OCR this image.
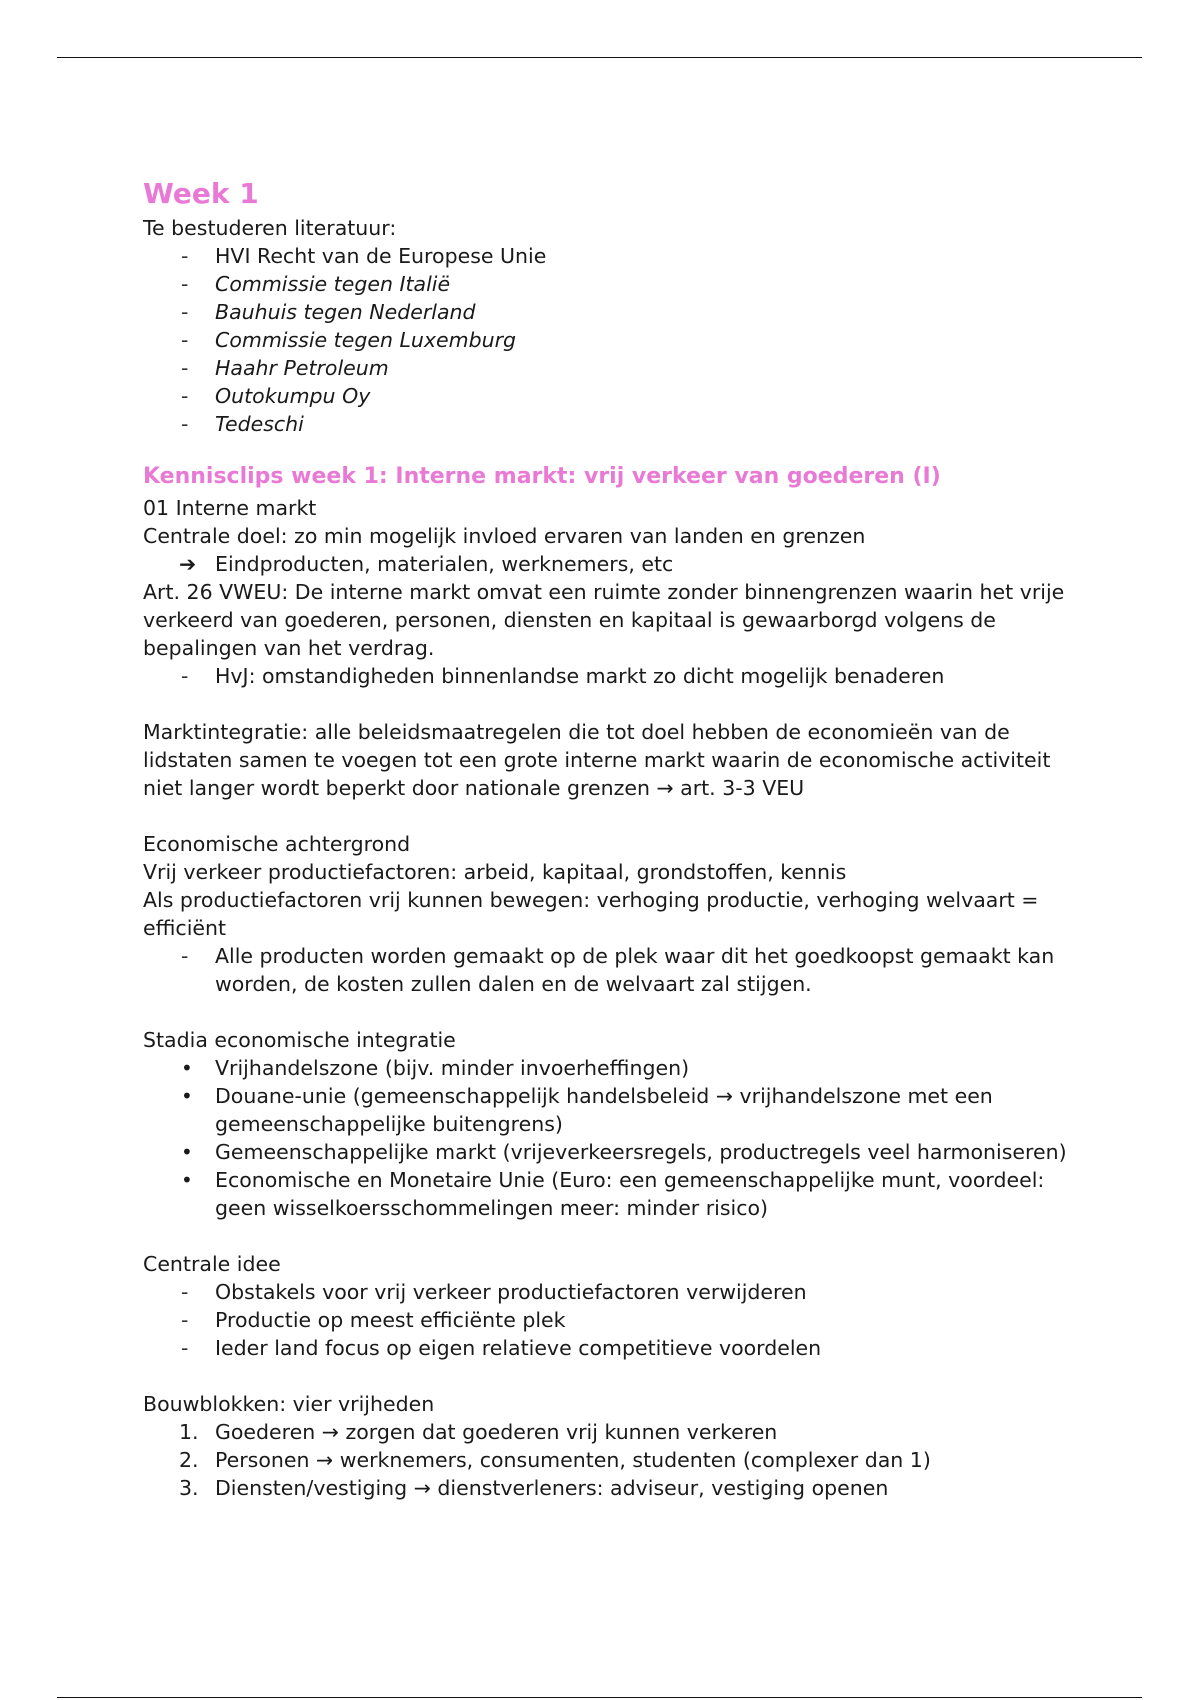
Week 1

Te bestuderen literatuur:

-	HVI Recht van de Europese Unie
-	Commissie tegen Italië
-	Bauhuis tegen Nederland
-	Commissie tegen Luxemburg
-	Haahr Petroleum
-	Outokumpu Oy
-	Tedeschi
Kennisclips week 1: Interne markt: vrij verkeer van goederen (I)

01 Interne markt

Centrale doel: zo min mogelijk invloed ervaren van landen en grenzen

➔ Eindproducten, materialen, werknemers, etc

Art. 26 VWEU: De interne markt omvat een ruimte zonder binnengrenzen waarin het vrije verkeerd van goederen, personen, diensten en kapitaal is gewaarborgd volgens de bepalingen van het verdrag.

-	HvJ: omstandigheden binnenlandse markt zo dicht mogelijk benaderen

Marktintegratie: alle beleidsmaatregelen die tot doel hebben de economieën van de lidstaten samen te voegen tot een grote interne markt waarin de economische activiteit niet langer wordt beperkt door nationale grenzen → art. 3-3 VEU

Economische achtergrond

Vrij verkeer productiefactoren: arbeid, kapitaal, grondstoffen, kennis

Als productiefactoren vrij kunnen bewegen: verhoging productie, verhoging welvaart = efficiënt

-	Alle producten worden gemaakt op de plek waar dit het goedkoopst gemaakt kan worden, de kosten zullen dalen en de welvaart zal stijgen.

Stadia economische integratie

•	Vrijhandelszone (bijv. minder invoerheffingen)
•	Douane-unie (gemeenschappelijk handelsbeleid → vrijhandelszone met een gemeenschappelijke buitengrens)
•	Gemeenschappelijke markt (vrijeverkeersregels, productregels veel harmoniseren)
•	Economische en Monetaire Unie (Euro: een gemeenschappelijke munt, voordeel: geen wisselkoersschommelingen meer: minder risico)

Centrale idee

-	Obstakels voor vrij verkeer productiefactoren verwijderen
-	Productie op meest efficiënte plek
-	Ieder land focus op eigen relatieve competitieve voordelen

Bouwblokken: vier vrijheden

1. Goederen → zorgen dat goederen vrij kunnen verkeren
2. Personen → werknemers, consumenten, studenten (complexer dan 1)
3. Diensten/vestiging → dienstverleners: adviseur, vestiging openen
